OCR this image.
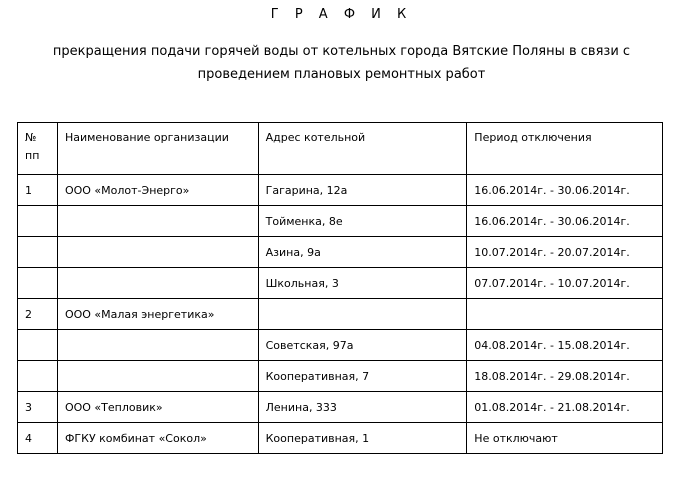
Г Р А Ф И К

прекращения подачи горячей воды от котельных города Вятские Поляны в связи с
проведением плановых ремонтных работ

№ пп	Наименование организации	Адрес котельной	Период отключения
1	ООО «Молот-Энерго»	Гагарина, 12а	16.06.2014г. - 30.06.2014г.
		Тойменка, 8е	16.06.2014г. - 30.06.2014г.
		Азина, 9а	10.07.2014г. - 20.07.2014г.
		Школьная, 3	07.07.2014г. - 10.07.2014г.
2	ООО «Малая энергетика»		
		Советская, 97а	04.08.2014г. - 15.08.2014г.
		Кооперативная, 7	18.08.2014г. - 29.08.2014г.
3	ООО «Тепловик»	Ленина, 333	01.08.2014г. - 21.08.2014г.
4	ФГКУ комбинат «Сокол»	Кооперативная, 1	Не отключают
